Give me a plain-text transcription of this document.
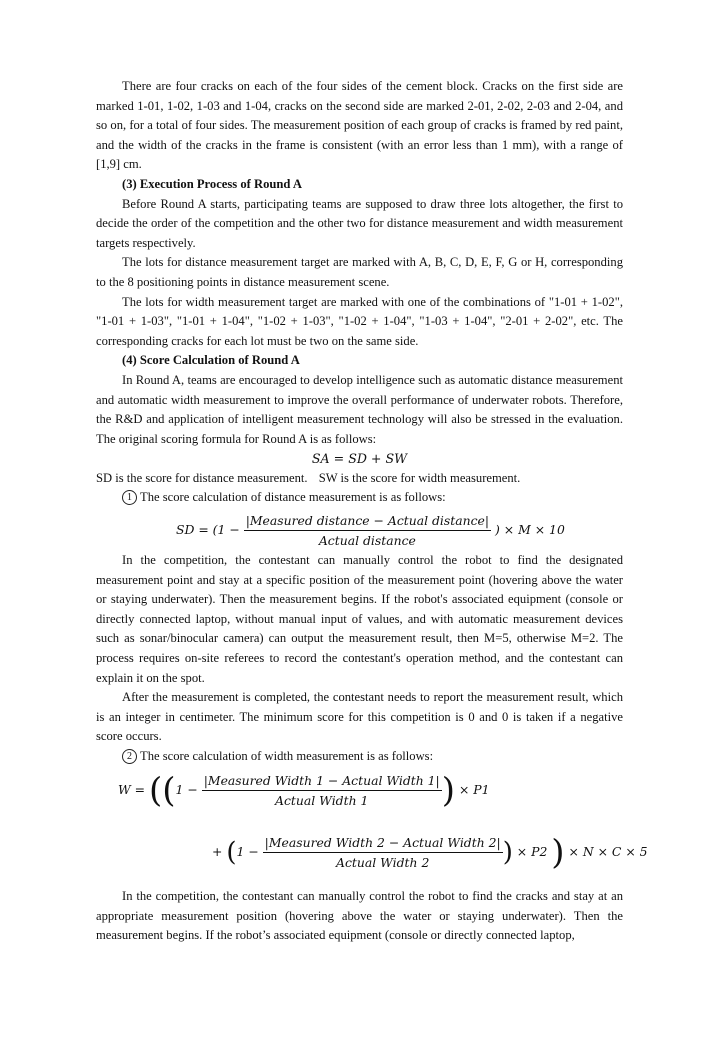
There are four cracks on each of the four sides of the cement block. Cracks on the first side are marked 1-01, 1-02, 1-03 and 1-04, cracks on the second side are marked 2-01, 2-02, 2-03 and 2-04, and so on, for a total of four sides. The measurement position of each group of cracks is framed by red paint, and the width of the cracks in the frame is consistent (with an error less than 1 mm), with a range of [1,9] cm.

(3) Execution Process of Round A

Before Round A starts, participating teams are supposed to draw three lots altogether, the first to decide the order of the competition and the other two for distance measurement and width measurement targets respectively.

The lots for distance measurement target are marked with A, B, C, D, E, F, G or H, corresponding to the 8 positioning points in distance measurement scene.

The lots for width measurement target are marked with one of the combinations of "1-01 + 1-02", "1-01 + 1-03", "1-01 + 1-04", "1-02 + 1-03", "1-02 + 1-04", "1-03 + 1-04", "2-01 + 2-02", etc. The corresponding cracks for each lot must be two on the same side.

(4) Score Calculation of Round A

In Round A, teams are encouraged to develop intelligence such as automatic distance measurement and automatic width measurement to improve the overall performance of underwater robots. Therefore, the R&D and application of intelligent measurement technology will also be stressed in the evaluation. The original scoring formula for Round A is as follows:

SA = SD + SW

SD is the score for distance measurement. SW is the score for width measurement.

1 The score calculation of distance measurement is as follows:

SD = ($1 - \frac{\text{|Measured distance − Actual distance|}}{\text{Actual distance}}$ ) × M × 10

In the competition, the contestant can manually control the robot to find the designated measurement point and stay at a specific position of the measurement point (hovering above the water or staying underwater). Then the measurement begins. If the robot's associated equipment (console or directly connected laptop, without manual input of values, and with automatic measurement devices such as sonar/binocular camera) can output the measurement result, then M=5, otherwise M=2. The process requires on-site referees to record the contestant's operation method, and the contestant can explain it on the spot.

After the measurement is completed, the contestant needs to report the measurement result, which is an integer in centimeter. The minimum score for this competition is 0 and 0 is taken if a negative score occurs.

2 The score calculation of width measurement is as follows:

$W = ((1 - \frac{\text{|Measured Width 1 − Actual Width 1|}}{\text{Actual Width 1}}$ ) × P1
+ ($1 - \frac{\text{|Measured Width 2 − Actual Width 2|}}{\text{Actual Width 2}}$ ) × P2 ) × N × C × 5

In the competition, the contestant can manually control the robot to find the cracks and stay at an appropriate measurement position (hovering above the water or staying underwater). Then the measurement begins. If the robot’s associated equipment (console or directly connected laptop,
